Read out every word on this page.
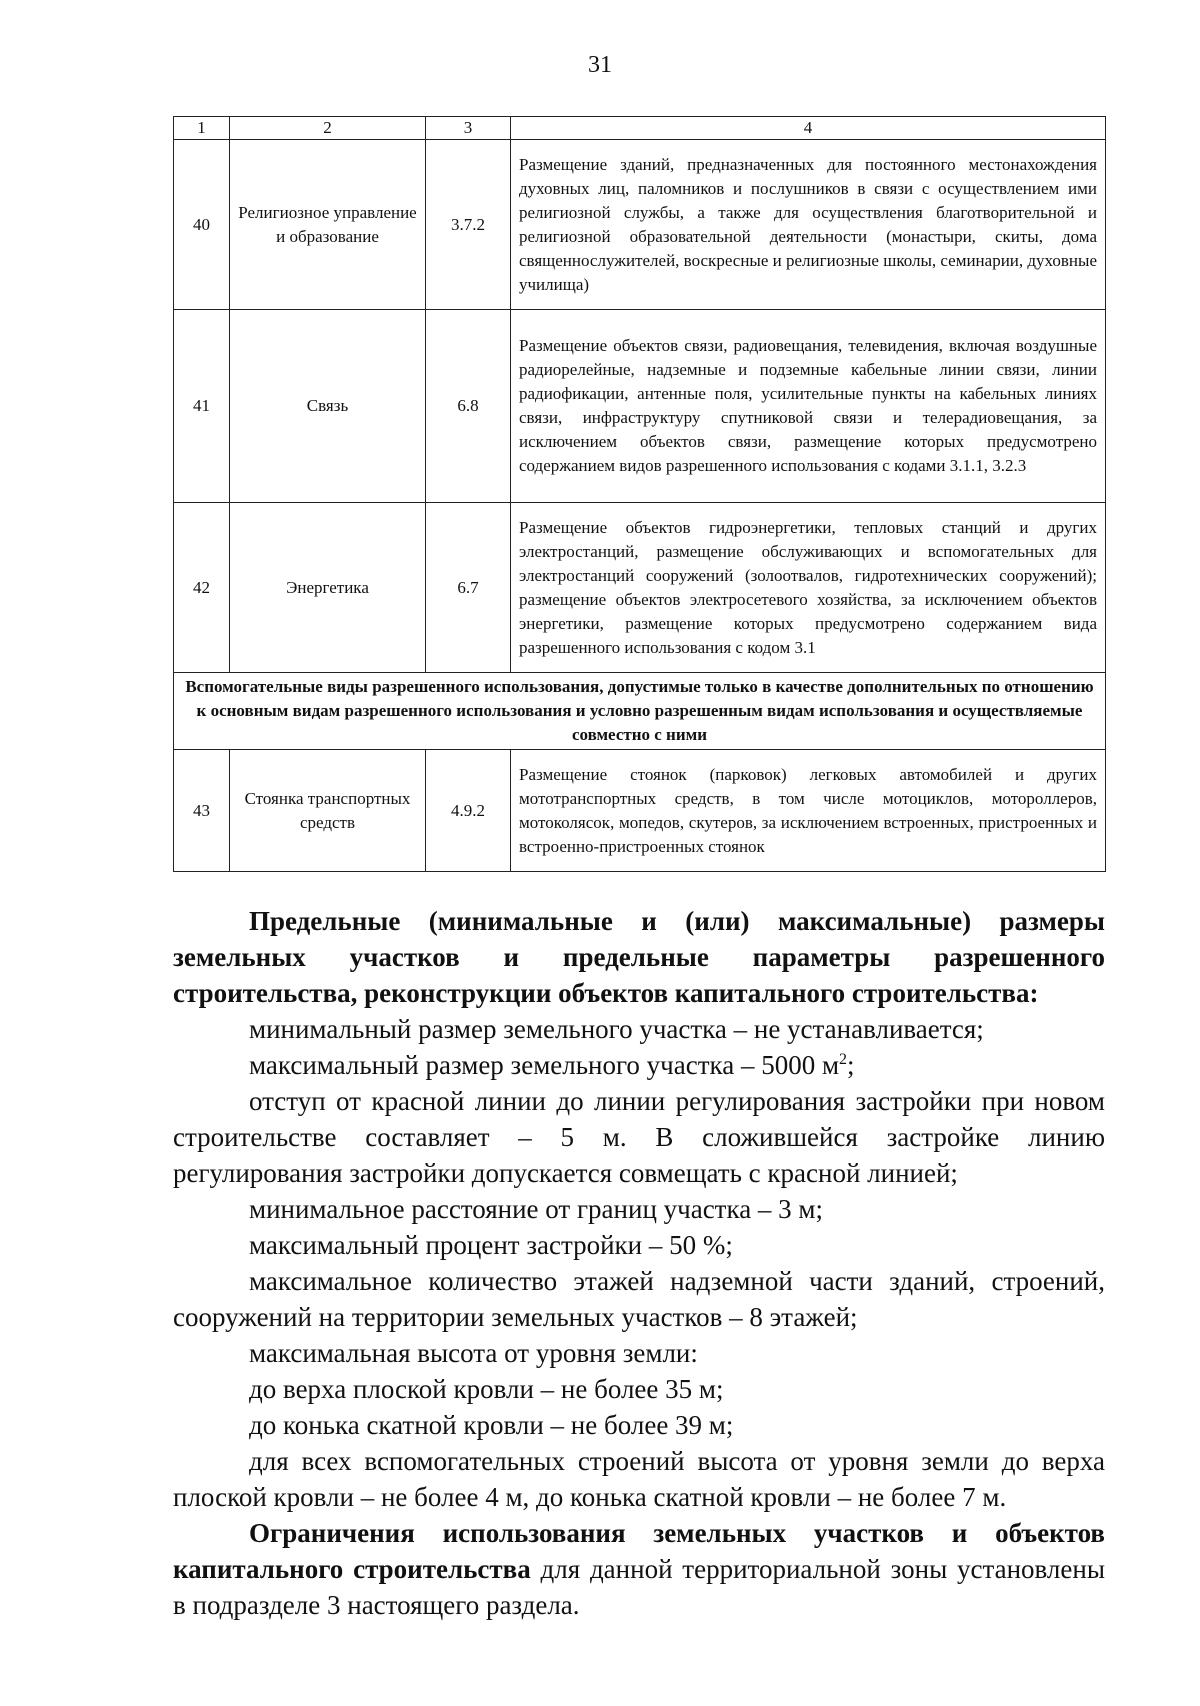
31
1	2	3	4
40	Религиозное управление и образование	3.7.2	Размещение зданий, предназначенных для постоянного местонахождения духовных лиц, паломников и послушников в связи с осуществлением ими религиозной службы, а также для осуществления благотворительной и религиозной образовательной деятельности (монастыри, скиты, дома священнослужителей, воскресные и религиозные школы, семинарии, духовные училища)
41	Связь	6.8	Размещение объектов связи, радиовещания, телевидения, включая воздушные радиорелейные, надземные и подземные кабельные линии связи, линии радиофикации, антенные поля, усилительные пункты на кабельных линиях связи, инфраструктуру спутниковой связи и телерадиовещания, за исключением объектов связи, размещение которых предусмотрено содержанием видов разрешенного использования с кодами 3.1.1, 3.2.3
42	Энергетика	6.7	Размещение объектов гидроэнергетики, тепловых станций и других электростанций, размещение обслуживающих и вспомогательных для электростанций сооружений (золоотвалов, гидротехнических сооружений); размещение объектов электросетевого хозяйства, за исключением объектов энергетики, размещение которых предусмотрено содержанием вида разрешенного использования с кодом 3.1
Вспомогательные виды разрешенного использования, допустимые только в качестве дополнительных по отношению к основным видам разрешенного использования и условно разрешенным видам использования и осуществляемые совместно с ними			
43	Стоянка транспортных средств	4.9.2	Размещение стоянок (парковок) легковых автомобилей и других мототранспортных средств, в том числе мотоциклов, мотороллеров, мотоколясок, мопедов, скутеров, за исключением встроенных, пристроенных и встроенно-пристроенных стоянок

Предельные (минимальные и (или) максимальные) размеры земельных участков и предельные параметры разрешенного строительства, реконструкции объектов капитального строительства:

минимальный размер земельного участка – не устанавливается;

максимальный размер земельного участка – 5000 $м^2$;

отступ от красной линии до линии регулирования застройки при новом строительстве составляет – 5 м. В сложившейся застройке линию регулирования застройки допускается совмещать с красной линией;

минимальное расстояние от границ участка – 3 м;

максимальный процент застройки – 50 %;

максимальное количество этажей надземной части зданий, строений, сооружений на территории земельных участков – 8 этажей;

максимальная высота от уровня земли:

до верха плоской кровли – не более 35 м;

до конька скатной кровли – не более 39 м;

для всех вспомогательных строений высота от уровня земли до верха плоской кровли – не более 4 м, до конька скатной кровли – не более 7 м.

Ограничения использования земельных участков и объектов капитального строительства для данной территориальной зоны установлены в подразделе 3 настоящего раздела.
